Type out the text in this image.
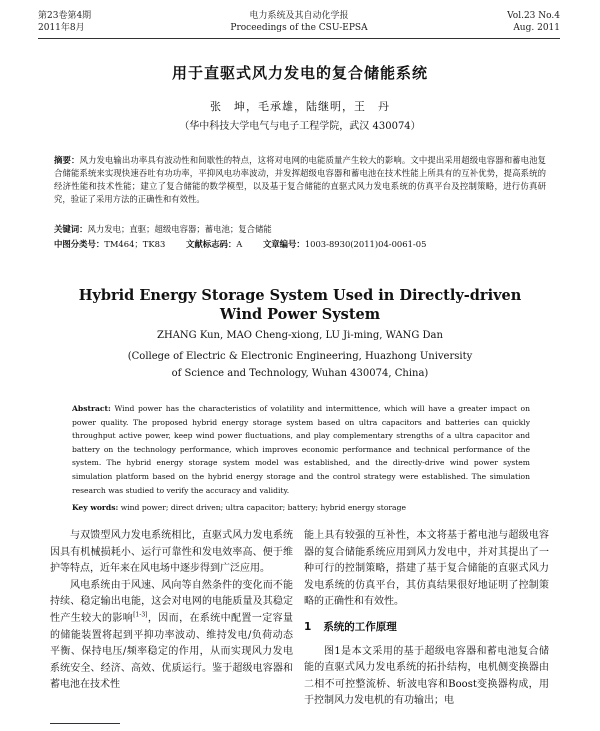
第23卷第4期
2011年8月
电力系统及其自动化学报
Proceedings of the CSU-EPSA
Vol.23 No.4
Aug. 2011
用于直驱式风力发电的复合储能系统
张　坤，毛承雄，陆继明，王　丹
（华中科技大学电气与电子工程学院，武汉 430074）
摘要：风力发电输出功率具有波动性和间歇性的特点，这将对电网的电能质量产生较大的影响。文中提出采用超级电容器和蓄电池复合储能系统来实现快速吞吐有功功率，平抑风电功率波动，并发挥超级电容器和蓄电池在技术性能上所具有的互补优势，提高系统的经济性能和技术性能；建立了复合储能的数学模型，以及基于复合储能的直驱式风力发电系统的仿真平台及控制策略，进行仿真研究，验证了采用方法的正确性和有效性。
关键词：风力发电；直驱；超级电容器；蓄电池；复合储能
中图分类号：TM464；TK83 文献标志码：A 文章编号：1003-8930(2011)04-0061-05
Hybrid Energy Storage System Used in Directly-driven
Wind Power System
ZHANG Kun, MAO Cheng-xiong, LU Ji-ming, WANG Dan
(College of Electric & Electronic Engineering, Huazhong University
of Science and Technology, Wuhan 430074, China)
Abstract: Wind power has the characteristics of volatility and intermittence, which will have a greater impact on power quality. The proposed hybrid energy storage system based on ultra capacitors and batteries can quickly throughput active power, keep wind power fluctuations, and play complementary strengths of a ultra capacitor and battery on the technology performance, which improves economic performance and technical performance of the system. The hybrid energy storage system model was established, and the directly-drive wind power system simulation platform based on the hybrid energy storage and the control strategy were established. The simulation research was studied to verify the accuracy and validity.
Key words: wind power; direct driven; ultra capacitor; battery; hybrid energy storage

与双馈型风力发电系统相比，直驱式风力发电系统因具有机械损耗小、运行可靠性和发电效率高、便于维护等特点，近年来在风电场中逐步得到广泛应用。

风电系统由于风速、风向等自然条件的变化而不能持续、稳定输出电能，这会对电网的电能质量及其稳定性产生较大的影响[1-3]，因而，在系统中配置一定容量的储能装置将起到平抑功率波动、维持发电/负荷动态平衡、保持电压/频率稳定的作用，从而实现风力发电系统安全、经济、高效、优质运行。鉴于超级电容器和蓄电池在技术性

能上具有较强的互补性，本文将基于蓄电池与超级电容器的复合储能系统应用到风力发电中，并对其提出了一种可行的控制策略，搭建了基于复合储能的直驱式风力发电系统的仿真平台，其仿真结果很好地证明了控制策略的正确性和有效性。

1 系统的工作原理

图1是本文采用的基于超级电容器和蓄电池复合储能的直驱式风力发电系统的拓扑结构，电机侧变换器由二相不可控整流桥、斩波电容和Boost变换器构成，用于控制风力发电机的有功输出；电
